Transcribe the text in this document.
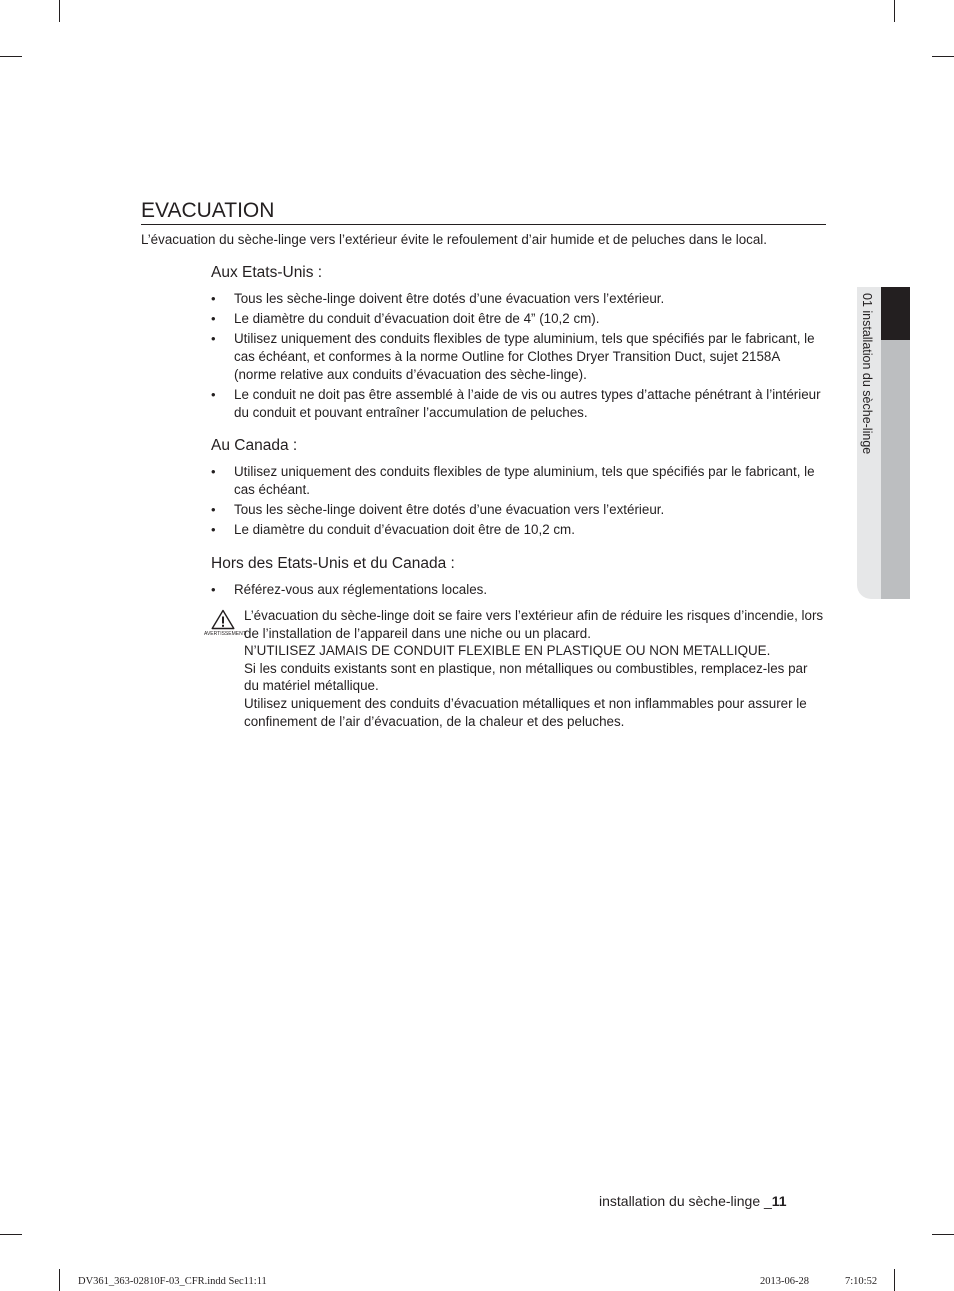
EVACUATION

L’évacuation du sèche-linge vers l’extérieur évite le refoulement d’air humide et de peluches dans le local.

Aux Etats-Unis :
• Tous les sèche-linge doivent être dotés d’une évacuation vers l’extérieur.
• Le diamètre du conduit d’évacuation doit être de 4” (10,2 cm).
• Utilisez uniquement des conduits flexibles de type aluminium, tels que spécifiés par le fabricant, le cas échéant, et conformes à la norme Outline for Clothes Dryer Transition Duct, sujet 2158A (norme relative aux conduits d’évacuation des sèche-linge).
• Le conduit ne doit pas être assemblé à l’aide de vis ou autres types d’attache pénétrant à l’intérieur du conduit et pouvant entraîner l’accumulation de peluches.
Au Canada :
• Utilisez uniquement des conduits flexibles de type aluminium, tels que spécifiés par le fabricant, le cas échéant.
• Tous les sèche-linge doivent être dotés d’une évacuation vers l’extérieur.
• Le diamètre du conduit d’évacuation doit être de 10,2 cm.
Hors des Etats-Unis et du Canada :
• Référez-vous aux réglementations locales.
AVERTISSEMENT

L’évacuation du sèche-linge doit se faire vers l’extérieur afin de réduire les risques d’incendie, lors de l’installation de l’appareil dans une niche ou un placard.

N’UTILISEZ JAMAIS DE CONDUIT FLEXIBLE EN PLASTIQUE OU NON METALLIQUE.

Si les conduits existants sont en plastique, non métalliques ou combustibles, remplacez-les par du matériel métallique.

Utilisez uniquement des conduits d’évacuation métalliques et non inflammables pour assurer le confinement de l’air d’évacuation, de la chaleur et des peluches.

01 installation du sèche-linge
installation du sèche-linge _11
DV361_363-02810F-03_CFR.indd Sec11:11	2013-06-28	7:10:52
